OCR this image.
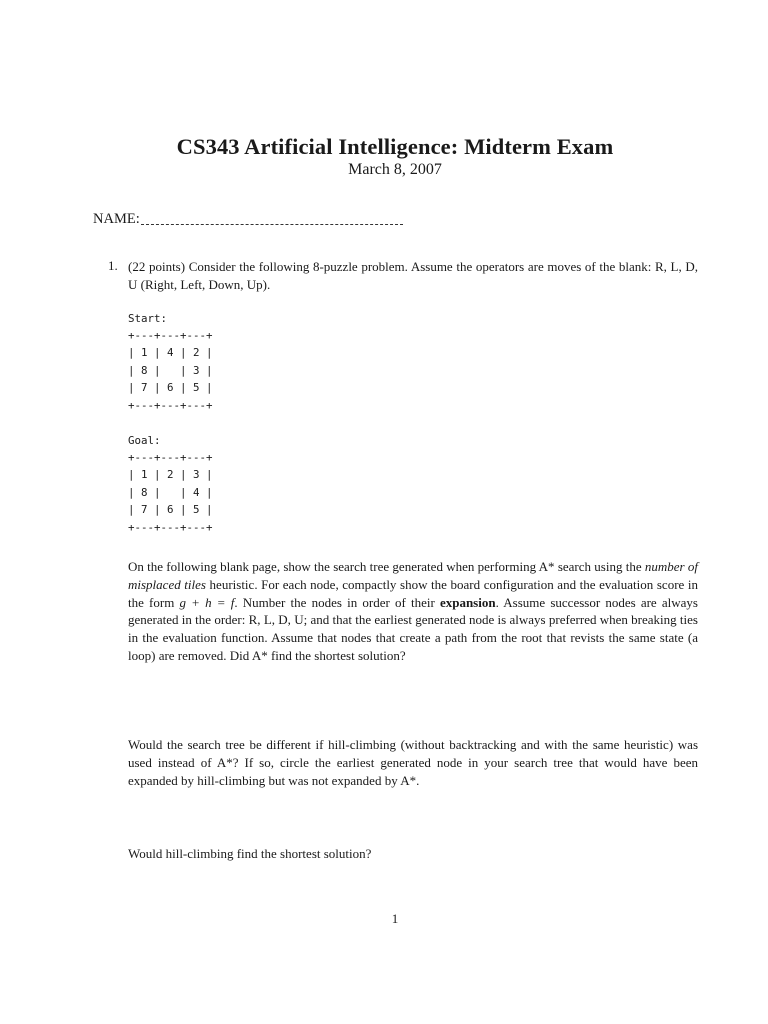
CS343 Artificial Intelligence: Midterm Exam
March 8, 2007
NAME:
1. (22 points) Consider the following 8-puzzle problem. Assume the operators are moves of the blank: R, L, D, U (Right, Left, Down, Up).
Start:
+---+---+---+
| 1 | 4 | 2 |
| 8 |   | 3 |
| 7 | 6 | 5 |
+---+---+---+
Goal:
+---+---+---+
| 1 | 2 | 3 |
| 8 |   | 4 |
| 7 | 6 | 5 |
+---+---+---+
On the following blank page, show the search tree generated when performing A* search using the number of misplaced tiles heuristic. For each node, compactly show the board configuration and the evaluation score in the form g + h = f. Number the nodes in order of their expansion. Assume successor nodes are always generated in the order: R, L, D, U; and that the earliest generated node is always preferred when breaking ties in the evaluation function. Assume that nodes that create a path from the root that revists the same state (a loop) are removed. Did A* find the shortest solution?
Would the search tree be different if hill-climbing (without backtracking and with the same heuristic) was used instead of A*? If so, circle the earliest generated node in your search tree that would have been expanded by hill-climbing but was not expanded by A*.
Would hill-climbing find the shortest solution?
1
